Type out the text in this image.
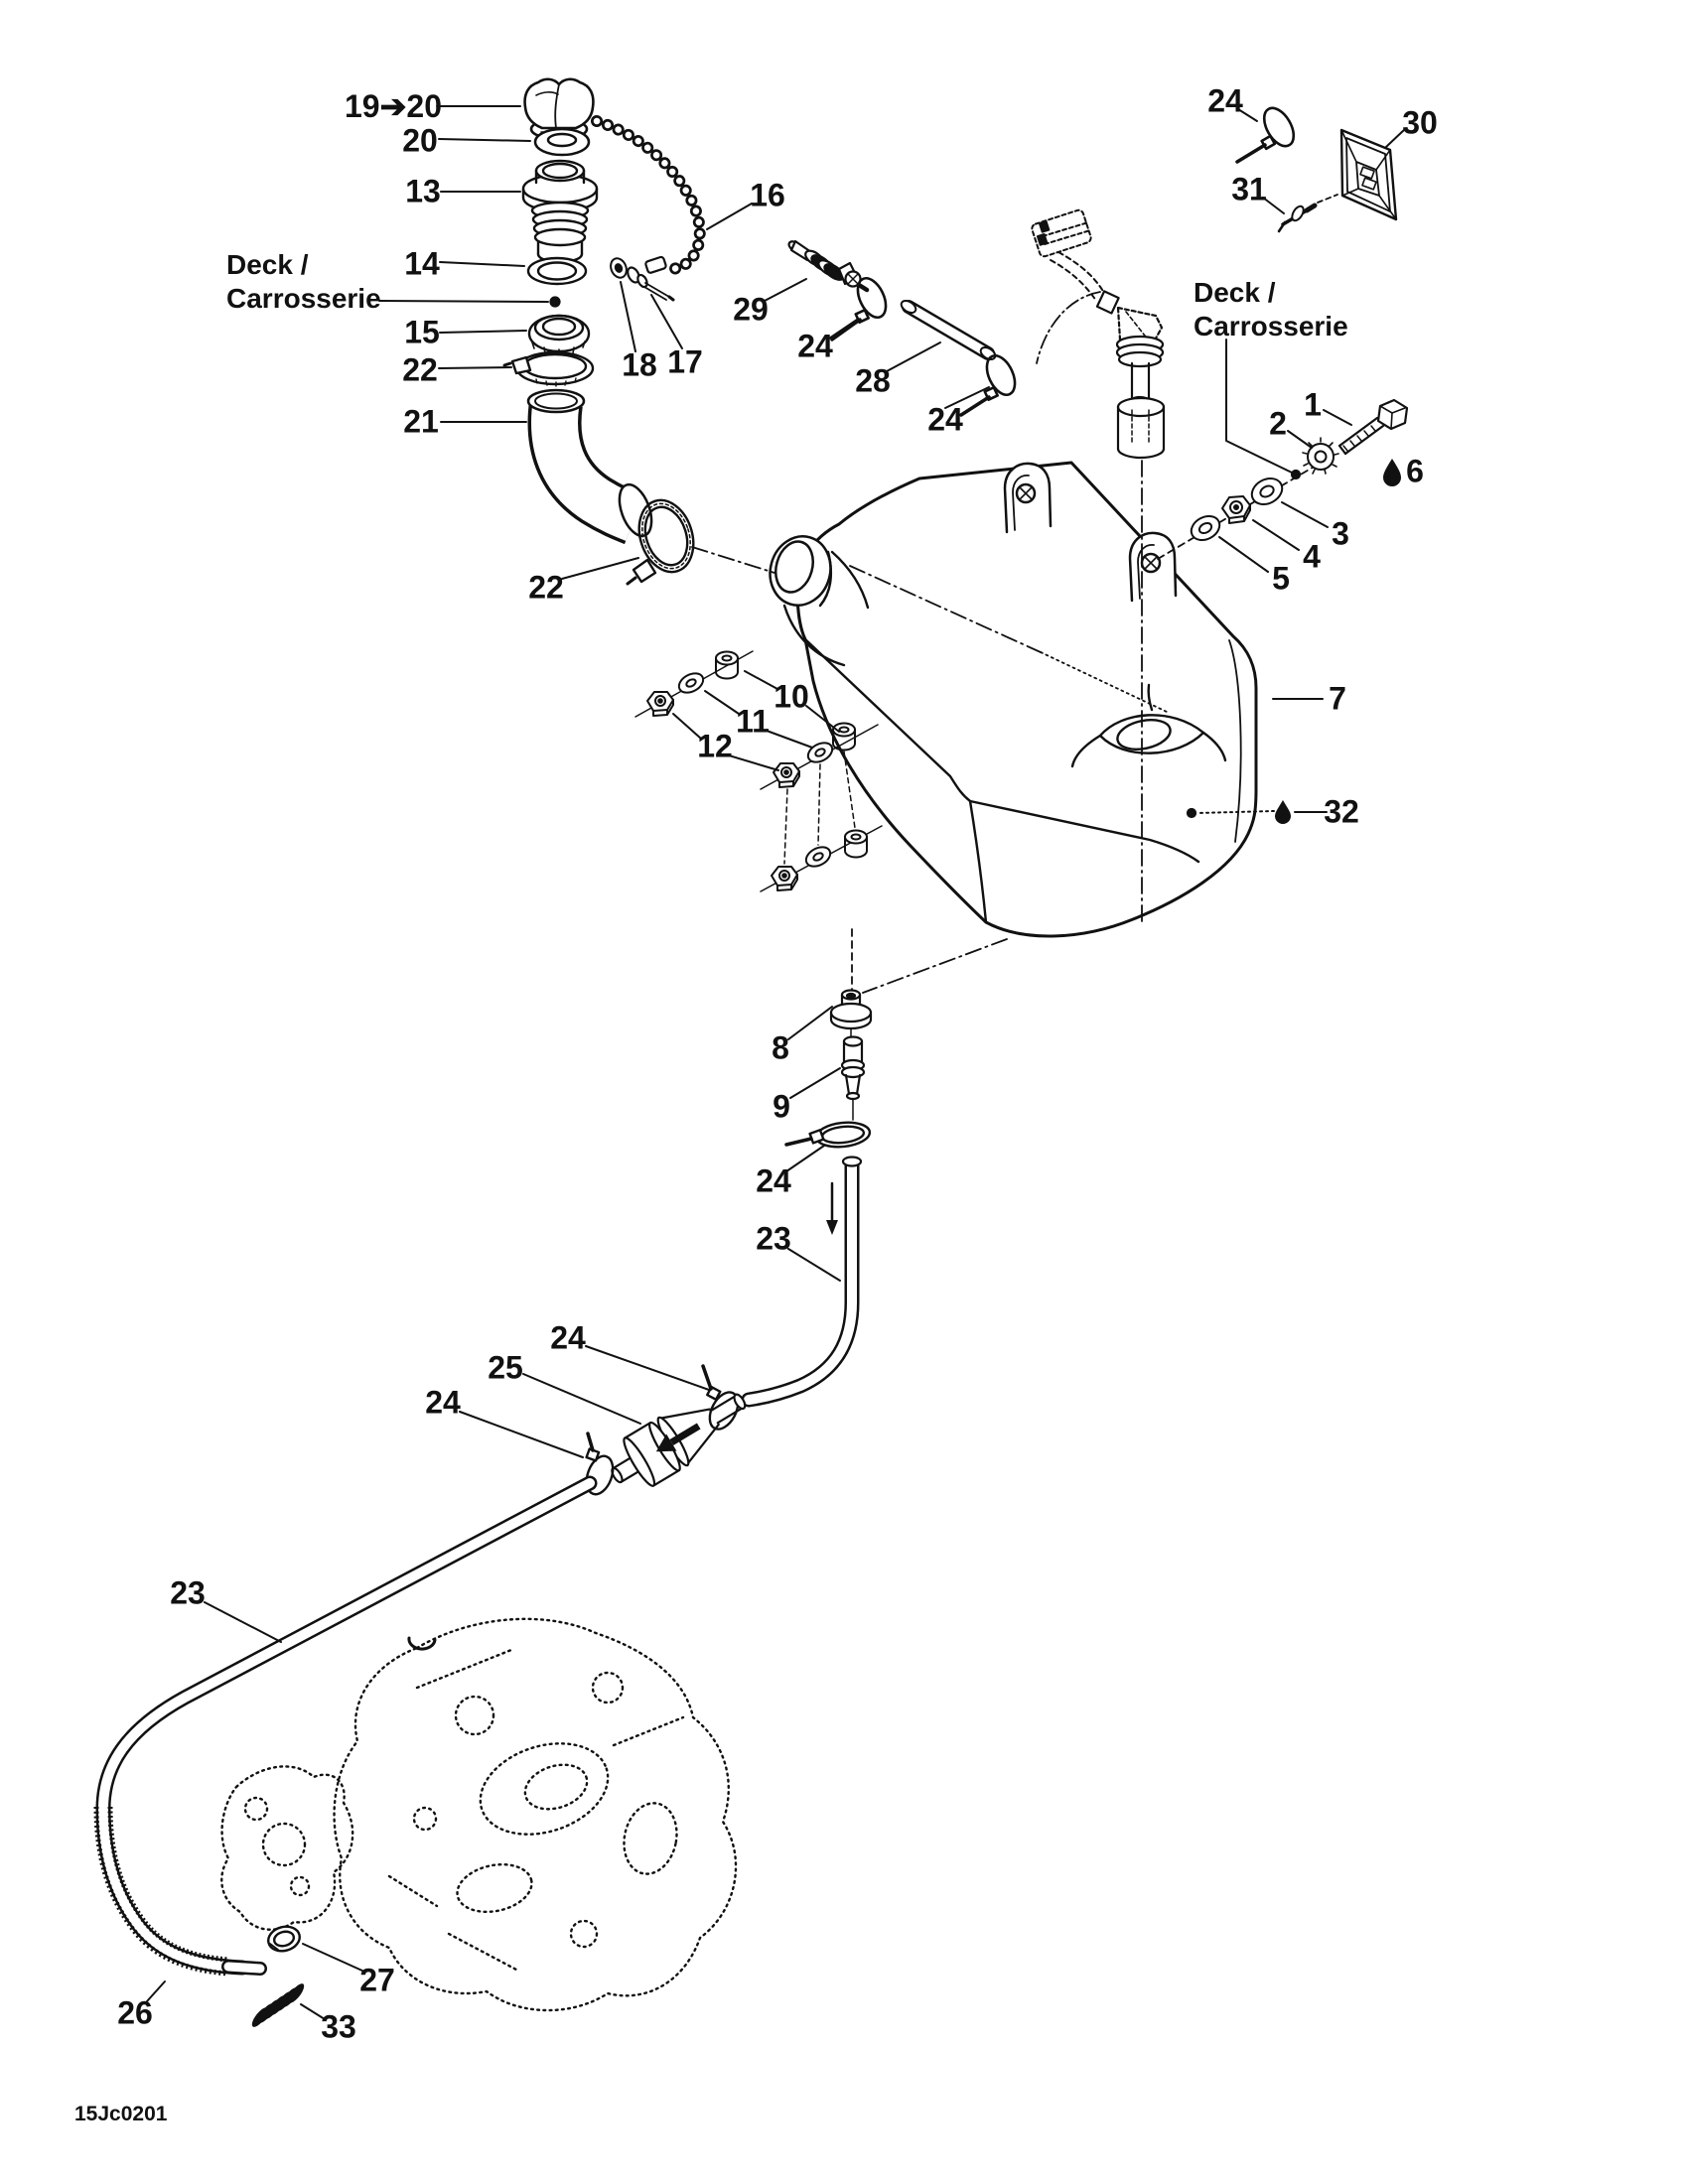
19➔20
20
13
14
15
22
21
16
29
18 17	24
28
24
24
30
31
1
2
6
3
4
5
22
10
11
12
7
32
8
9
24
23
24
25
24
23
27
26	33
Deck /
Carrosserie	Deck /
Carrosserie
15Jc0201
